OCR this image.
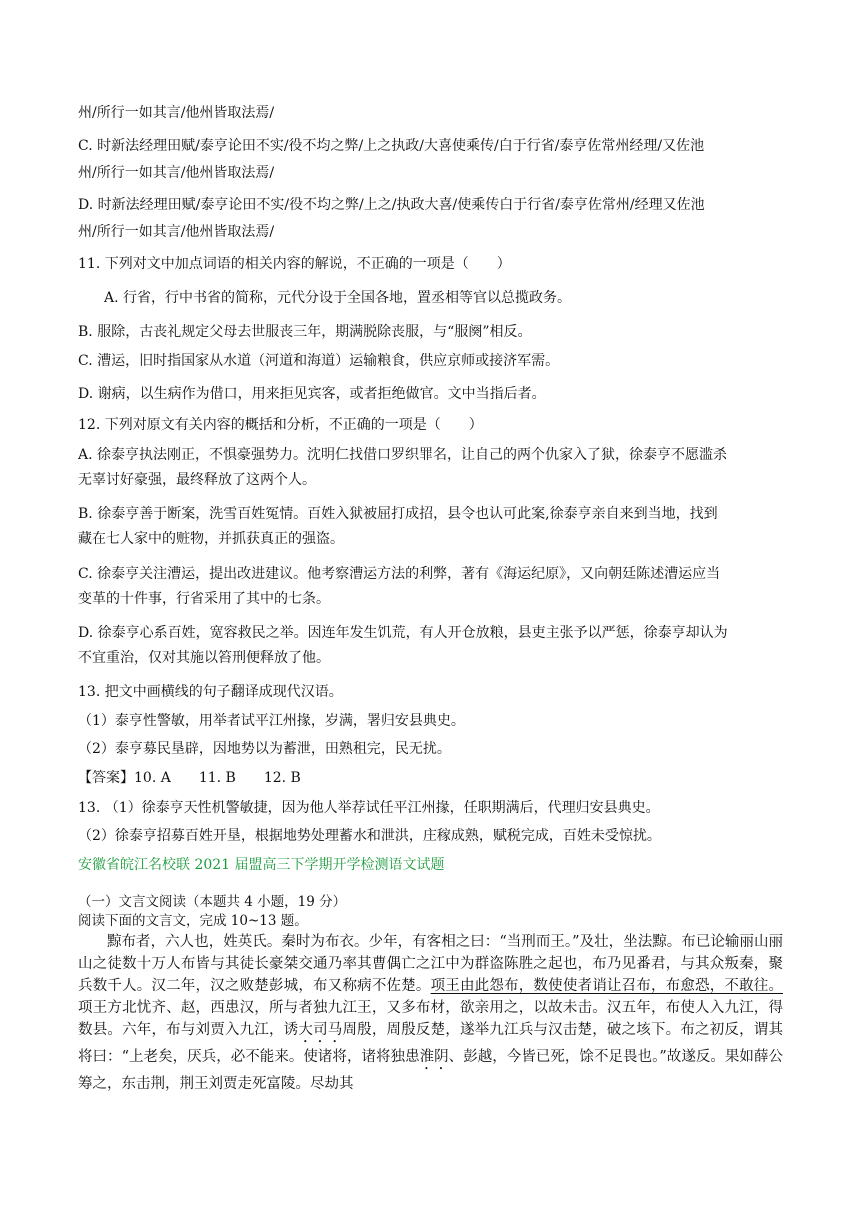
州/所行一如其言/他州皆取法焉/
C. 时新法经理田赋/泰亨论田不实/役不均之弊/上之执政/大喜使乘传/白于行省/泰亨佐常州经理/又佐池
州/所行一如其言/他州皆取法焉/
D. 时新法经理田赋/泰亨论田不实/役不均之弊/上之/执政大喜/使乘传白于行省/泰亨佐常州/经理又佐池
州/所行一如其言/他州皆取法焉/
11. 下列对文中加点词语的相关内容的解说，不正确的一项是（　　）
A. 行省，行中书省的简称，元代分设于全国各地，置丞相等官以总揽政务。
B. 服除，古丧礼规定父母去世服丧三年，期满脱除丧服，与“服阕”相反。
C. 漕运，旧时指国家从水道（河道和海道）运输粮食，供应京师或接济军需。
D. 谢病，以生病作为借口，用来拒见宾客，或者拒绝做官。文中当指后者。
12. 下列对原文有关内容的概括和分析，不正确的一项是（　　）
A. 徐泰亨执法刚正，不惧豪强势力。沈明仁找借口罗织罪名，让自己的两个仇家入了狱，徐泰亨不愿滥杀
无辜讨好豪强，最终释放了这两个人。
B. 徐泰亨善于断案，洗雪百姓冤情。百姓入狱被屈打成招，县令也认可此案,徐泰亨亲自来到当地，找到
藏在七人家中的赃物，并抓获真正的强盗。
C. 徐泰亨关注漕运，提出改进建议。他考察漕运方法的利弊，著有《海运纪原》，又向朝廷陈述漕运应当
变革的十件事，行省采用了其中的七条。
D. 徐泰亨心系百姓，宽容救民之举。因连年发生饥荒，有人开仓放粮，县吏主张予以严惩，徐泰亨却认为
不宜重治，仅对其施以笞刑便释放了他。
13. 把文中画横线的句子翻译成现代汉语。
（1）泰亨性警敏，用举者试平江州掾，岁满，署归安县典史。
（2）泰亨募民垦辟，因地势以为蓄泄，田熟租完，民无扰。
【答案】10. A　　11. B　　12. B
13. （1）徐泰亨天性机警敏捷，因为他人举荐试任平江州掾，任职期满后，代理归安县典史。
（2）徐泰亨招募百姓开垦，根据地势处理蓄水和泄洪，庄稼成熟，赋税完成，百姓未受惊扰。
安徽省皖江名校联 2021 届盟高三下学期开学检测语文试题
（一）文言文阅读（本题共 4 小题，19 分）
阅读下面的文言文，完成 10~13 题。
黥布者，六人也，姓英氏。秦时为布衣。少年，有客相之曰：“当刑而王。”及壮，坐法黥。布已论输丽山丽山之徒数十万人布皆与其徒长豪桀交通乃率其曹偶亡之江中为群盗陈胜之起也，布乃见番君，与其众叛秦，聚兵数千人。汉二年，汉之败楚彭城，布又称病不佐楚。项王由此怨布，数使使者诮让召布，布愈恐，不敢往。项王方北忧齐、赵，西患汉，所与者独九江王，又多布材，欲亲用之，以故未击。汉五年，布使人入九江，得数县。六年，布与刘贾入九江，诱大司马周殷，周殷反楚，遂举九江兵与汉击楚，破之垓下。布之初反，谓其将曰：“上老矣，厌兵，必不能来。使诸将，诸将独患淮阴、彭越，今皆已死，馀不足畏也。”故遂反。果如薛公筹之，东击荆，荆王刘贾走死富陵。尽劫其
